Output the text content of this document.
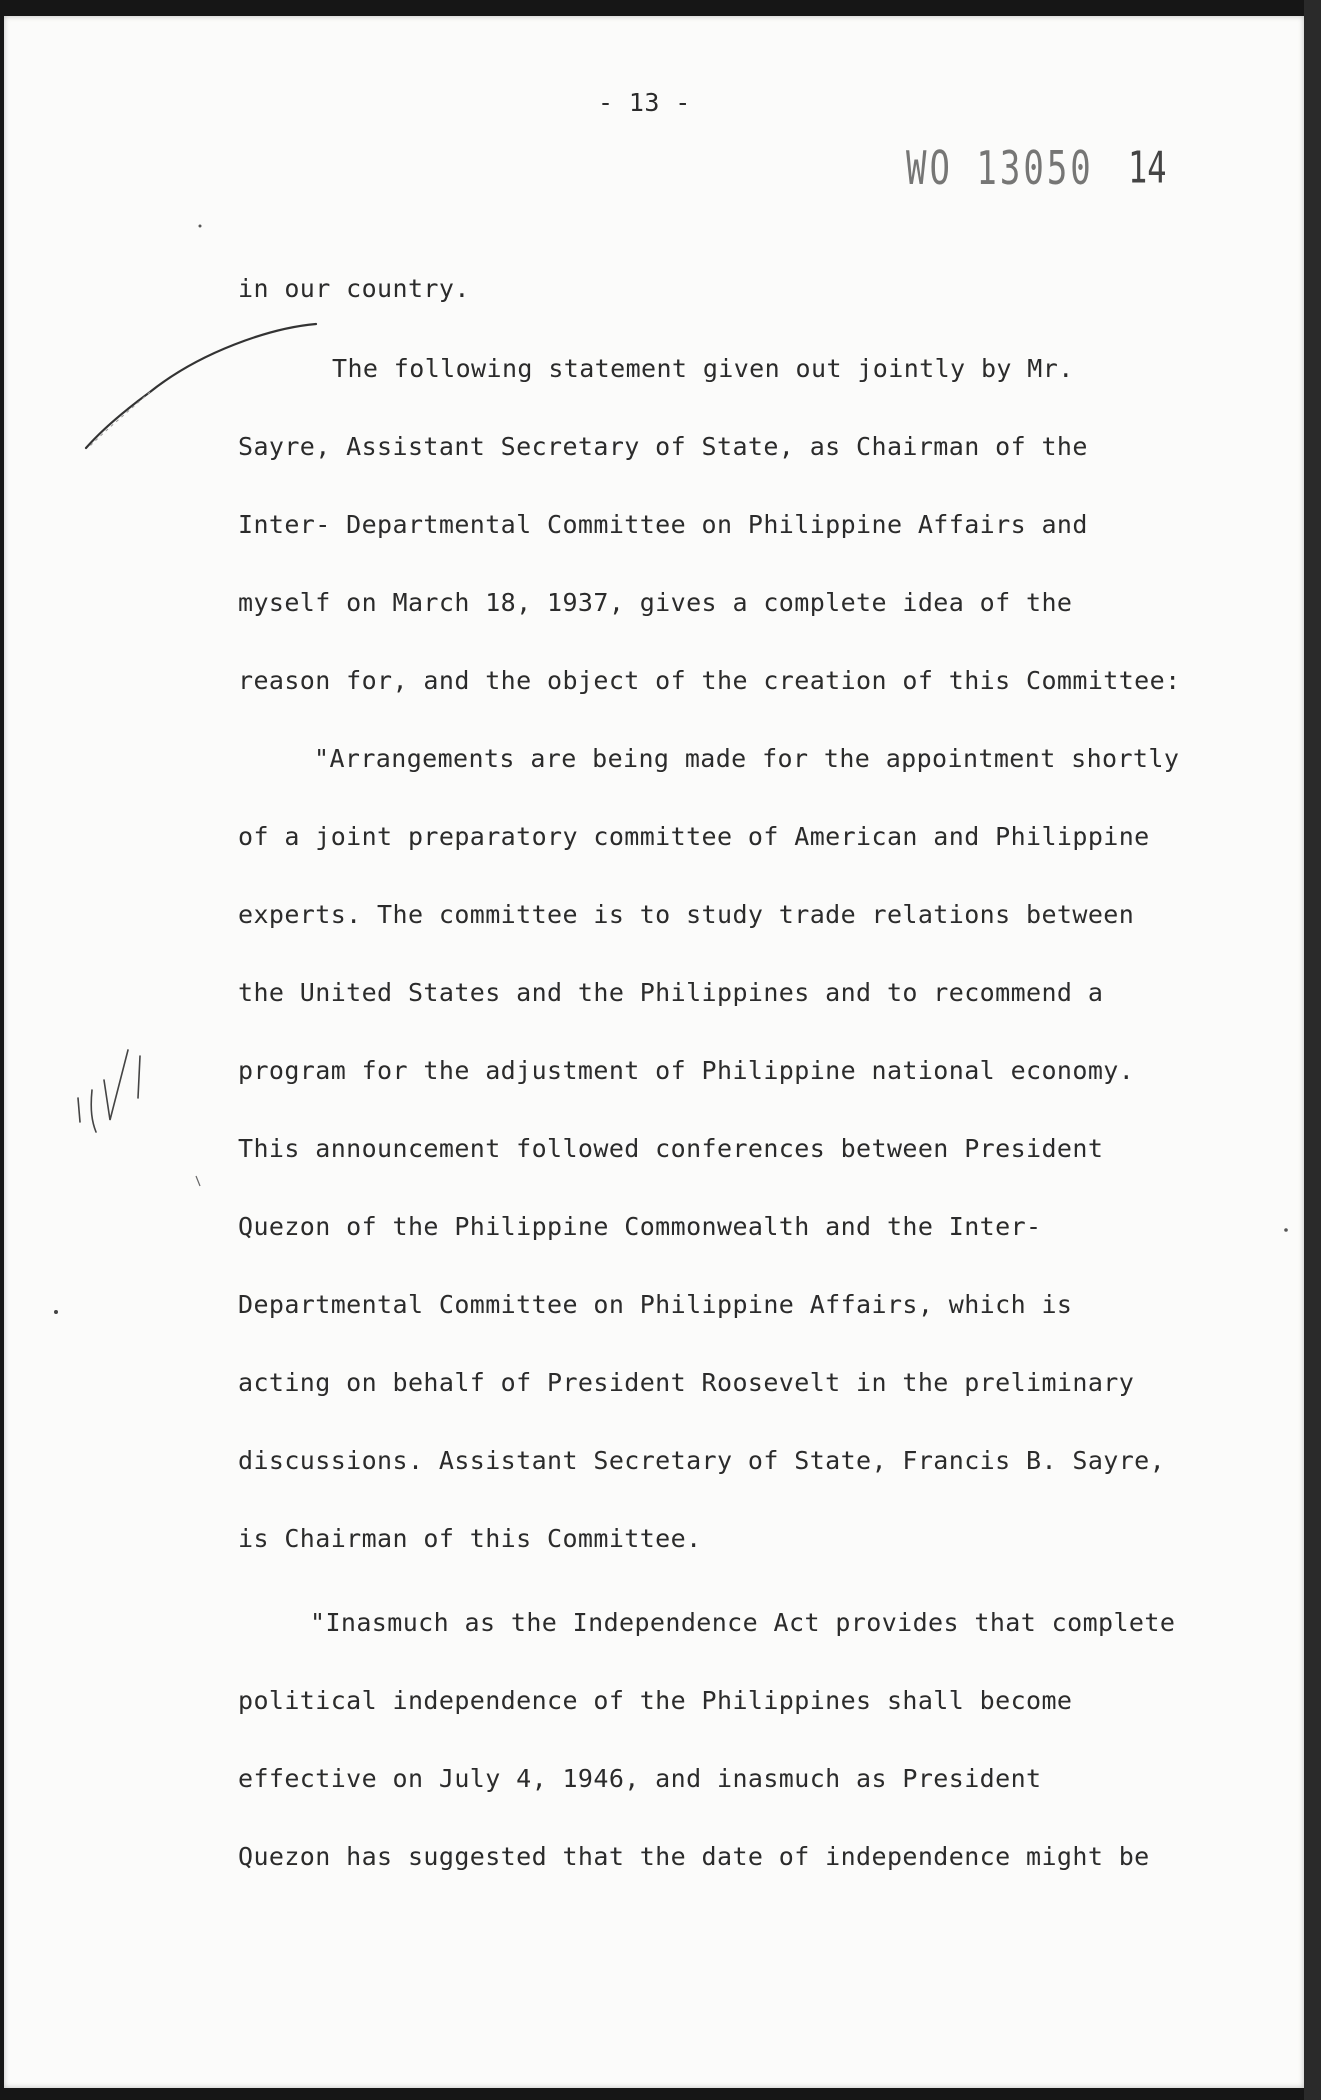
- 13 -
WO 13050 14
in our country.
The following statement given out jointly by Mr.
Sayre, Assistant Secretary of State, as Chairman of the
Inter- Departmental Committee on Philippine Affairs and
myself on March 18, 1937, gives a complete idea of the
reason for, and the object of the creation of this Committee:
"Arrangements are being made for the appointment shortly
of a joint preparatory committee of American and Philippine
experts. The committee is to study trade relations between
the United States and the Philippines and to recommend a
program for the adjustment of Philippine national economy.
This announcement followed conferences between President
Quezon of the Philippine Commonwealth and the Inter-
Departmental Committee on Philippine Affairs, which is
acting on behalf of President Roosevelt in the preliminary
discussions. Assistant Secretary of State, Francis B. Sayre,
is Chairman of this Committee.
"Inasmuch as the Independence Act provides that complete
political independence of the Philippines shall become
effective on July 4, 1946, and inasmuch as President
Quezon has suggested that the date of independence might be
